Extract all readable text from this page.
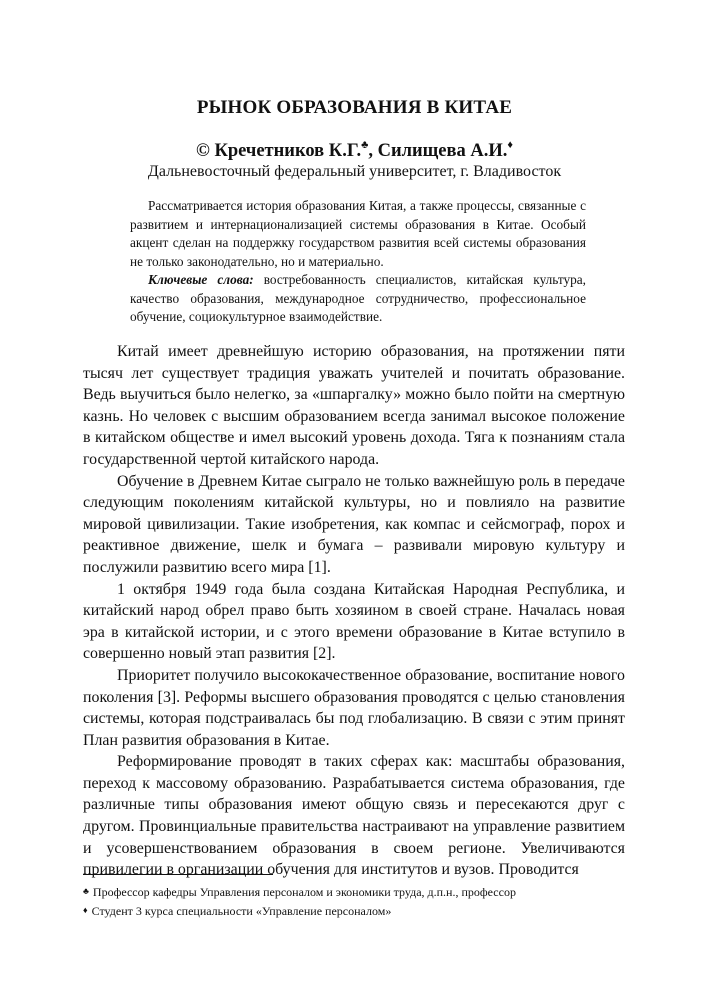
РЫНОК ОБРАЗОВАНИЯ В КИТАЕ
© Кречетников К.Г.♣, Силищева А.И.♦
Дальневосточный федеральный университет, г. Владивосток

Рассматривается история образования Китая, а также процессы, связанные с развитием и интернационализацией системы образования в Китае. Особый акцент сделан на поддержку государством развития всей системы образования не только законодательно, но и материально.

Ключевые слова: востребованность специалистов, китайская культура, качество образования, международное сотрудничество, профессиональное обучение, социокультурное взаимодействие.

Китай имеет древнейшую историю образования, на протяжении пяти тысяч лет существует традиция уважать учителей и почитать образование. Ведь выучиться было нелегко, за «шпаргалку» можно было пойти на смертную казнь. Но человек с высшим образованием всегда занимал высокое положение в китайском обществе и имел высокий уровень дохода. Тяга к познаниям стала государственной чертой китайского народа.

Обучение в Древнем Китае сыграло не только важнейшую роль в передаче следующим поколениям китайской культуры, но и повлияло на развитие мировой цивилизации. Такие изобретения, как компас и сейсмограф, порох и реактивное движение, шелк и бумага – развивали мировую культуру и послужили развитию всего мира [1].

1 октября 1949 года была создана Китайская Народная Республика, и китайский народ обрел право быть хозяином в своей стране. Началась новая эра в китайской истории, и с этого времени образование в Китае вступило в совершенно новый этап развития [2].

Приоритет получило высококачественное образование, воспитание нового поколения [3]. Реформы высшего образования проводятся с целью становления системы, которая подстраивалась бы под глобализацию. В связи с этим принят План развития образования в Китае.

Реформирование проводят в таких сферах как: масштабы образования, переход к массовому образованию. Разрабатывается система образования, где различные типы образования имеют общую связь и пересекаются друг с другом. Провинциальные правительства настраивают на управление развитием и усовершенствованием образования в своем регионе. Увеличиваются привилегии в организации обучения для институтов и вузов. Проводится

♣ Профессор кафедры Управления персоналом и экономики труда, д.п.н., профессор

♦ Студент 3 курса специальности «Управление персоналом»
